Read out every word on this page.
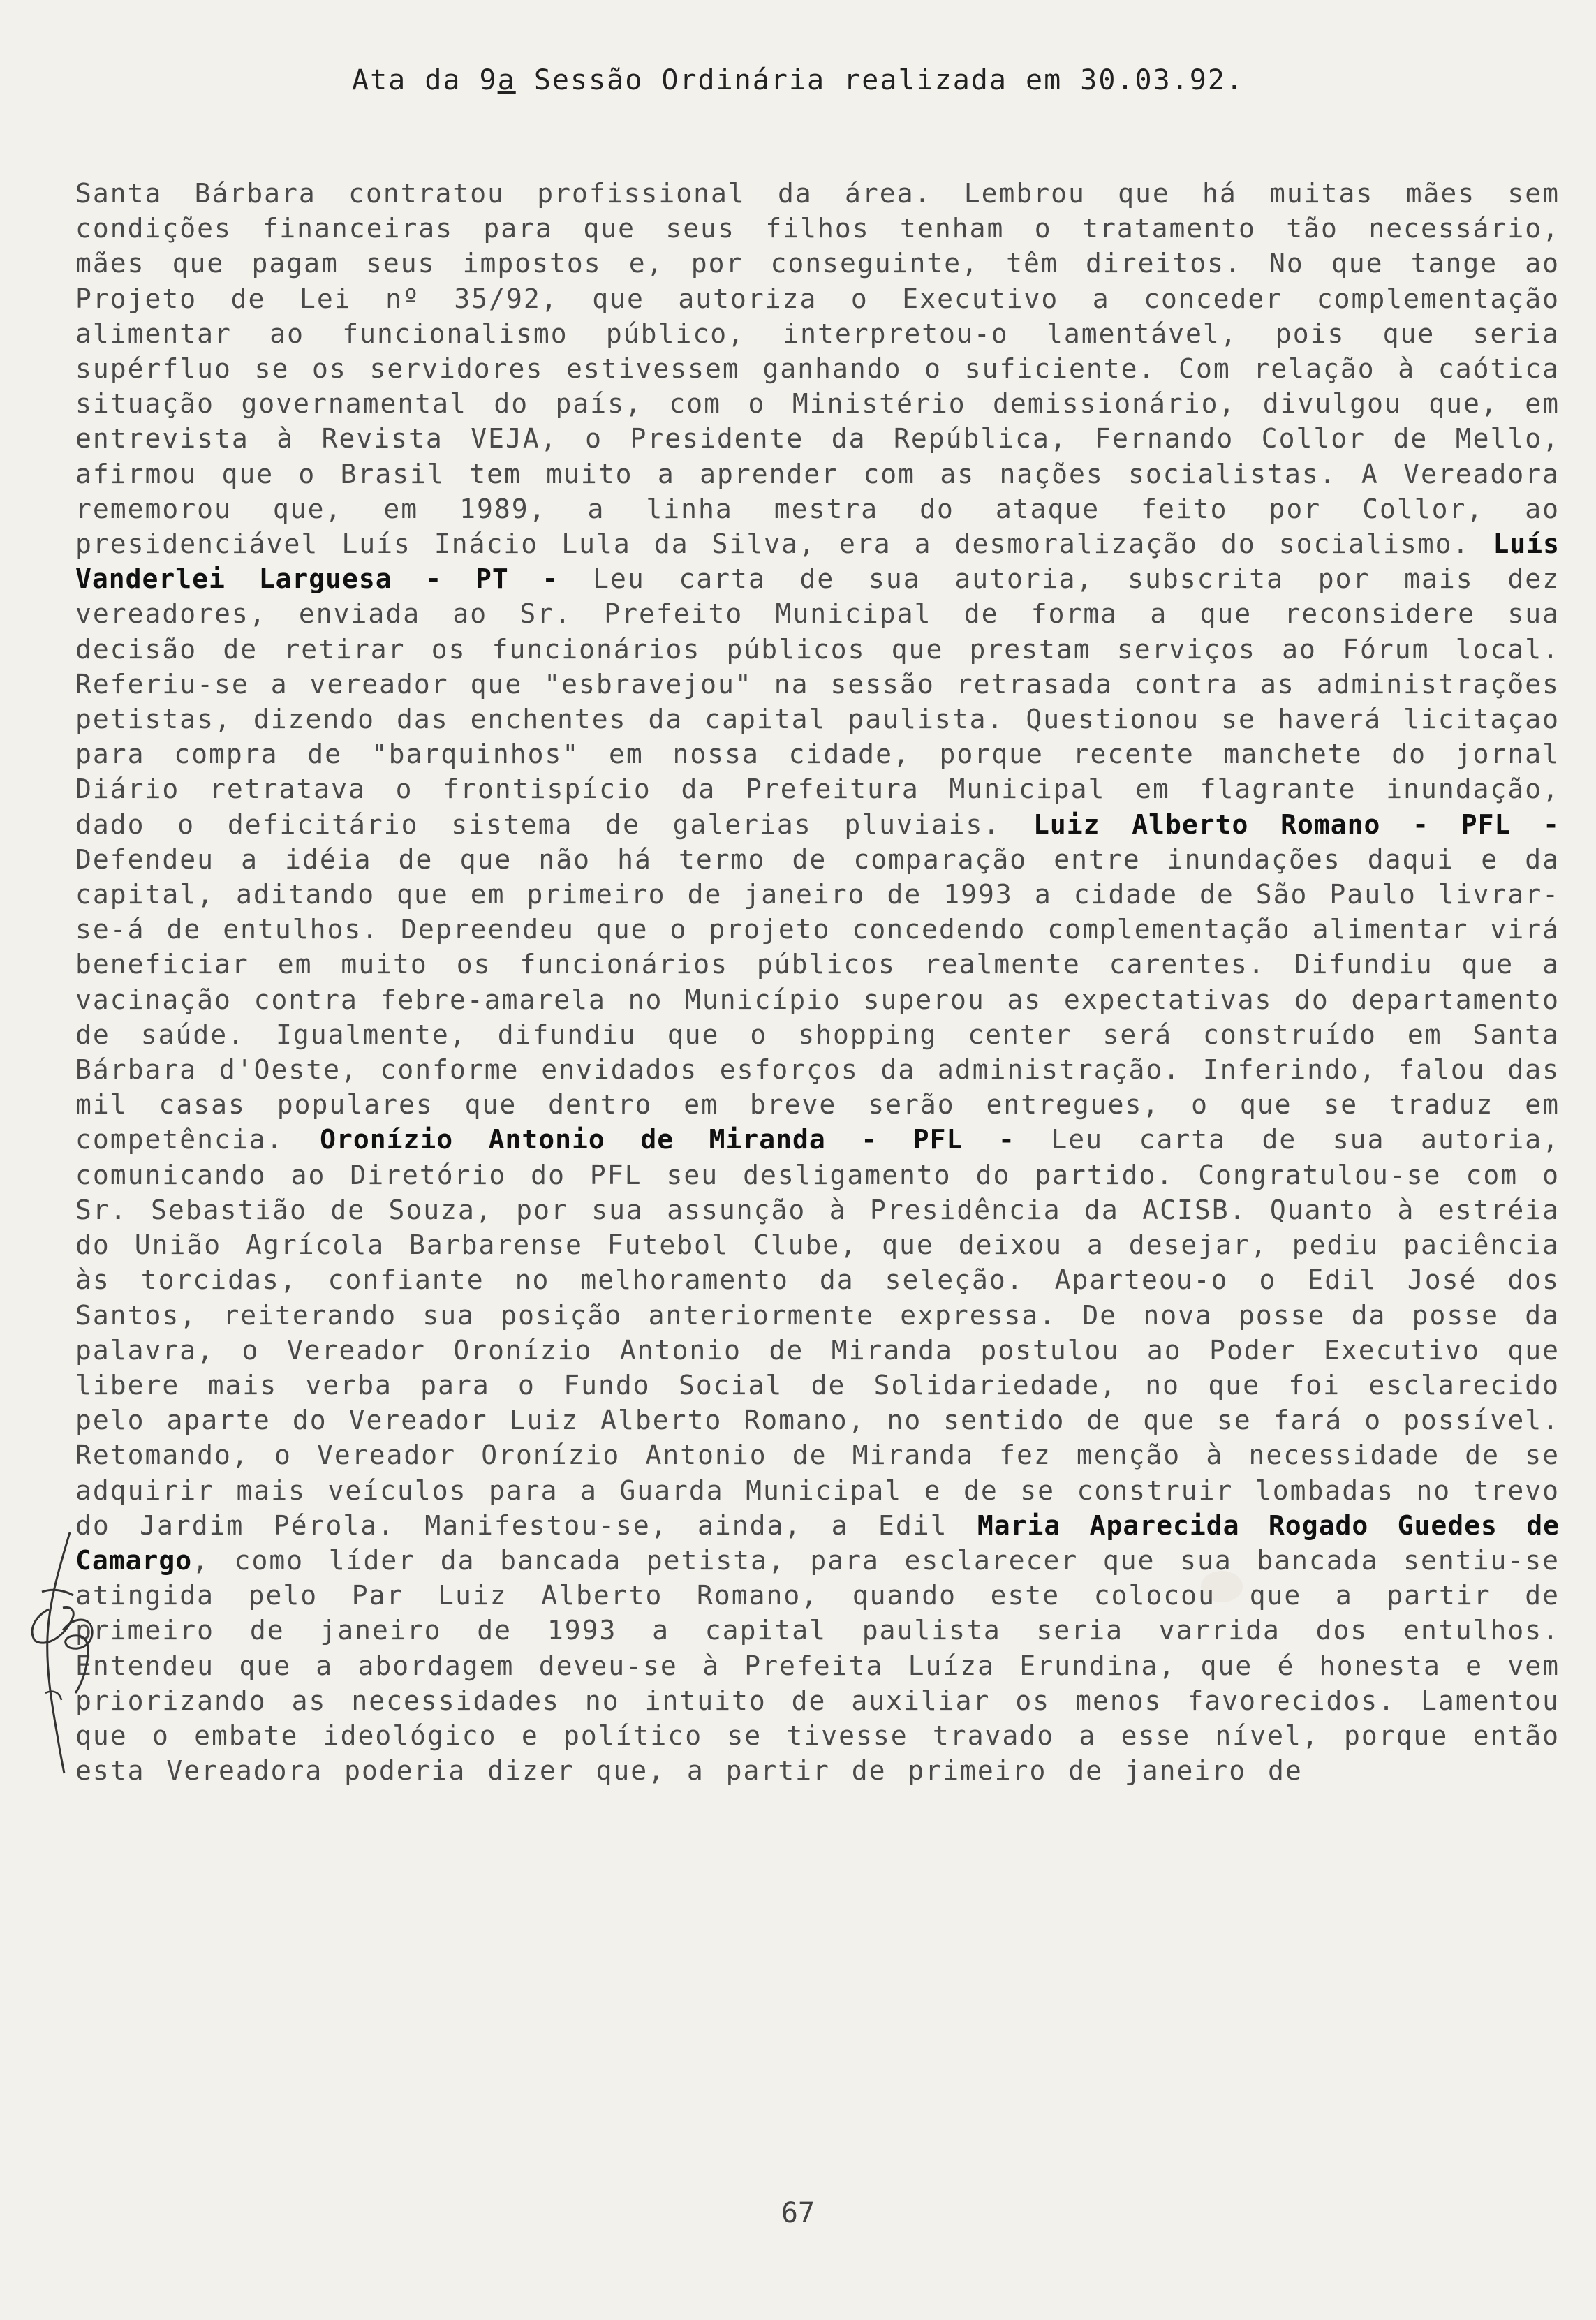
Ata da 9a Sessão Ordinária realizada em 30.03.92.
Santa Bárbara contratou profissional da área. Lembrou que há muitas mães sem condições financeiras para que seus filhos tenham o tratamento tão necessário, mães que pagam seus impostos e, por conseguinte, têm direitos. No que tange ao Projeto de Lei nº 35/92, que autoriza o Executivo a conceder complementação alimentar ao funcionalismo público, interpretou-o lamentável, pois que seria supérfluo se os servidores estivessem ganhando o suficiente. Com relação à caótica situação governamental do país, com o Ministério demissionário, divulgou que, em entrevista à Revista VEJA, o Presidente da República, Fernando Collor de Mello, afirmou que o Brasil tem muito a aprender com as nações socialistas. A Vereadora rememorou que, em 1989, a linha mestra do ataque feito por Collor, ao presidenciável Luís Inácio Lula da Silva, era a desmoralização do socialismo. Luís Vanderlei Larguesa - PT - Leu carta de sua autoria, subscrita por mais dez vereadores, enviada ao Sr. Prefeito Municipal de forma a que reconsidere sua decisão de retirar os funcionários públicos que prestam serviços ao Fórum local. Referiu-se a vereador que "esbravejou" na sessão retrasada contra as administrações petistas, dizendo das enchentes da capital paulista. Questionou se haverá licitaçao para compra de "barquinhos" em nossa cidade, porque recente manchete do jornal Diário retratava o frontispício da Prefeitura Municipal em flagrante inundação, dado o deficitário sistema de galerias pluviais. Luiz Alberto Romano - PFL - Defendeu a idéia de que não há termo de comparação entre inundações daqui e da capital, aditando que em primeiro de janeiro de 1993 a cidade de São Paulo livrar-se-á de entulhos. Depreendeu que o projeto concedendo complementação alimentar virá beneficiar em muito os funcionários públicos realmente carentes. Difundiu que a vacinação contra febre-amarela no Município superou as expectativas do departamento de saúde. Igualmente, difundiu que o shopping center será construído em Santa Bárbara d'Oeste, conforme envidados esforços da administração. Inferindo, falou das mil casas populares que dentro em breve serão entregues, o que se traduz em competência. Oronízio Antonio de Miranda - PFL - Leu carta de sua autoria, comunicando ao Diretório do PFL seu desligamento do partido. Congratulou-se com o Sr. Sebastião de Souza, por sua assunção à Presidência da ACISB. Quanto à estréia do União Agrícola Barbarense Futebol Clube, que deixou a desejar, pediu paciência às torcidas, confiante no melhoramento da seleção. Aparteou-o o Edil José dos Santos, reiterando sua posição anteriormente expressa. De nova posse da posse da palavra, o Vereador Oronízio Antonio de Miranda postulou ao Poder Executivo que libere mais verba para o Fundo Social de Solidariedade, no que foi esclarecido pelo aparte do Vereador Luiz Alberto Romano, no sentido de que se fará o possível. Retomando, o Vereador Oronízio Antonio de Miranda fez menção à necessidade de se adquirir mais veículos para a Guarda Municipal e de se construir lombadas no trevo do Jardim Pérola. Manifestou-se, ainda, a Edil Maria Aparecida Rogado Guedes de Camargo, como líder da bancada petista, para esclarecer que sua bancada sentiu-se atingida pelo Par Luiz Alberto Romano, quando este colocou que a partir de primeiro de janeiro de 1993 a capital paulista seria varrida dos entulhos. Entendeu que a abordagem deveu-se à Prefeita Luíza Erundina, que é honesta e vem priorizando as necessidades no intuito de auxiliar os menos favorecidos. Lamentou que o embate ideológico e político se tivesse travado a esse nível, porque então esta Vereadora poderia dizer que, a partir de primeiro de janeiro de
67
